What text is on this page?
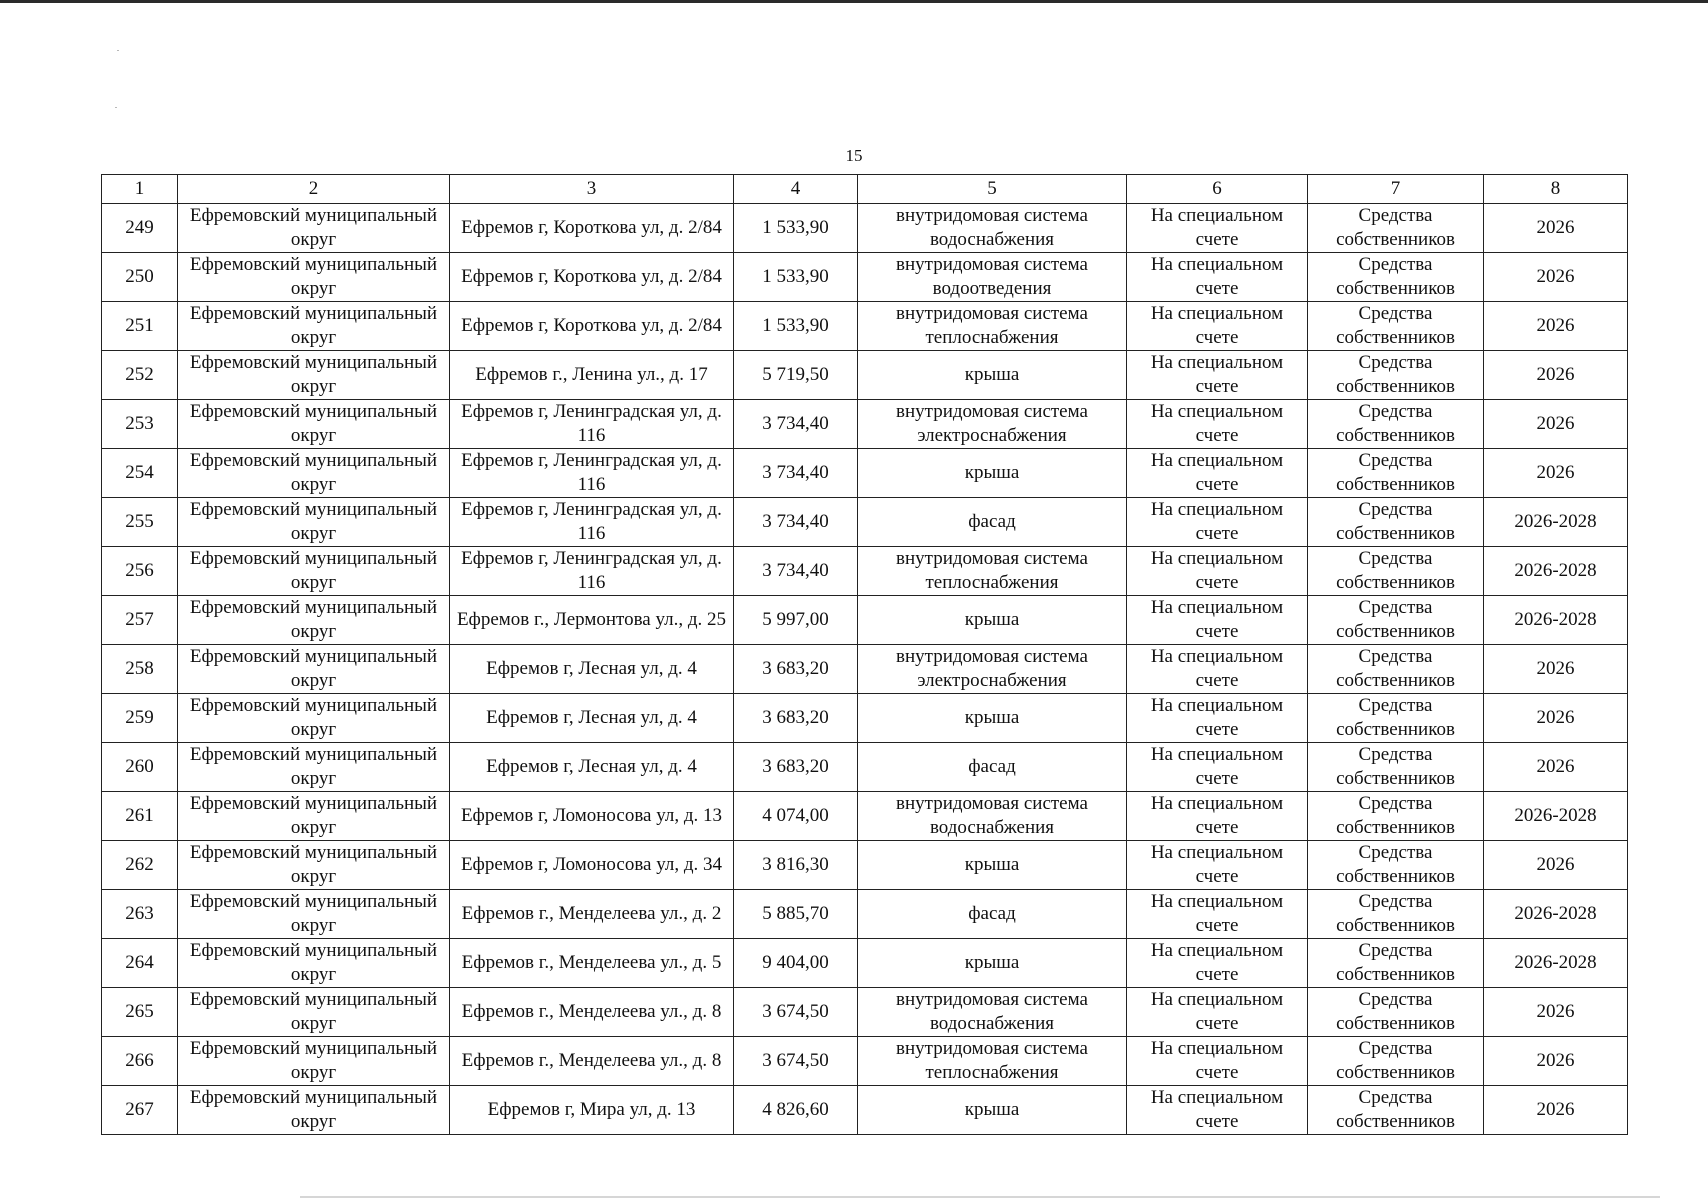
15
1	2	3	4	5	6	7	8
249	Ефремовский муниципальный округ	Ефремов г, Короткова ул, д. 2/84	1 533,90	внутридомовая система водоснабжения	На специальном счете	Средства собственников	2026
250	Ефремовский муниципальный округ	Ефремов г, Короткова ул, д. 2/84	1 533,90	внутридомовая система водоотведения	На специальном счете	Средства собственников	2026
251	Ефремовский муниципальный округ	Ефремов г, Короткова ул, д. 2/84	1 533,90	внутридомовая система теплоснабжения	На специальном счете	Средства собственников	2026
252	Ефремовский муниципальный округ	Ефремов г., Ленина ул., д. 17	5 719,50	крыша	На специальном счете	Средства собственников	2026
253	Ефремовский муниципальный округ	Ефремов г, Ленинградская ул, д. 116	3 734,40	внутридомовая система электроснабжения	На специальном счете	Средства собственников	2026
254	Ефремовский муниципальный округ	Ефремов г, Ленинградская ул, д. 116	3 734,40	крыша	На специальном счете	Средства собственников	2026
255	Ефремовский муниципальный округ	Ефремов г, Ленинградская ул, д. 116	3 734,40	фасад	На специальном счете	Средства собственников	2026-2028
256	Ефремовский муниципальный округ	Ефремов г, Ленинградская ул, д. 116	3 734,40	внутридомовая система теплоснабжения	На специальном счете	Средства собственников	2026-2028
257	Ефремовский муниципальный округ	Ефремов г., Лермонтова ул., д. 25	5 997,00	крыша	На специальном счете	Средства собственников	2026-2028
258	Ефремовский муниципальный округ	Ефремов г, Лесная ул, д. 4	3 683,20	внутридомовая система электроснабжения	На специальном счете	Средства собственников	2026
259	Ефремовский муниципальный округ	Ефремов г, Лесная ул, д. 4	3 683,20	крыша	На специальном счете	Средства собственников	2026
260	Ефремовский муниципальный округ	Ефремов г, Лесная ул, д. 4	3 683,20	фасад	На специальном счете	Средства собственников	2026
261	Ефремовский муниципальный округ	Ефремов г, Ломоносова ул, д. 13	4 074,00	внутридомовая система водоснабжения	На специальном счете	Средства собственников	2026-2028
262	Ефремовский муниципальный округ	Ефремов г, Ломоносова ул, д. 34	3 816,30	крыша	На специальном счете	Средства собственников	2026
263	Ефремовский муниципальный округ	Ефремов г., Менделеева ул., д. 2	5 885,70	фасад	На специальном счете	Средства собственников	2026-2028
264	Ефремовский муниципальный округ	Ефремов г., Менделеева ул., д. 5	9 404,00	крыша	На специальном счете	Средства собственников	2026-2028
265	Ефремовский муниципальный округ	Ефремов г., Менделеева ул., д. 8	3 674,50	внутридомовая система водоснабжения	На специальном счете	Средства собственников	2026
266	Ефремовский муниципальный округ	Ефремов г., Менделеева ул., д. 8	3 674,50	внутридомовая система теплоснабжения	На специальном счете	Средства собственников	2026
267	Ефремовский муниципальный округ	Ефремов г, Мира ул, д. 13	4 826,60	крыша	На специальном счете	Средства собственников	2026
